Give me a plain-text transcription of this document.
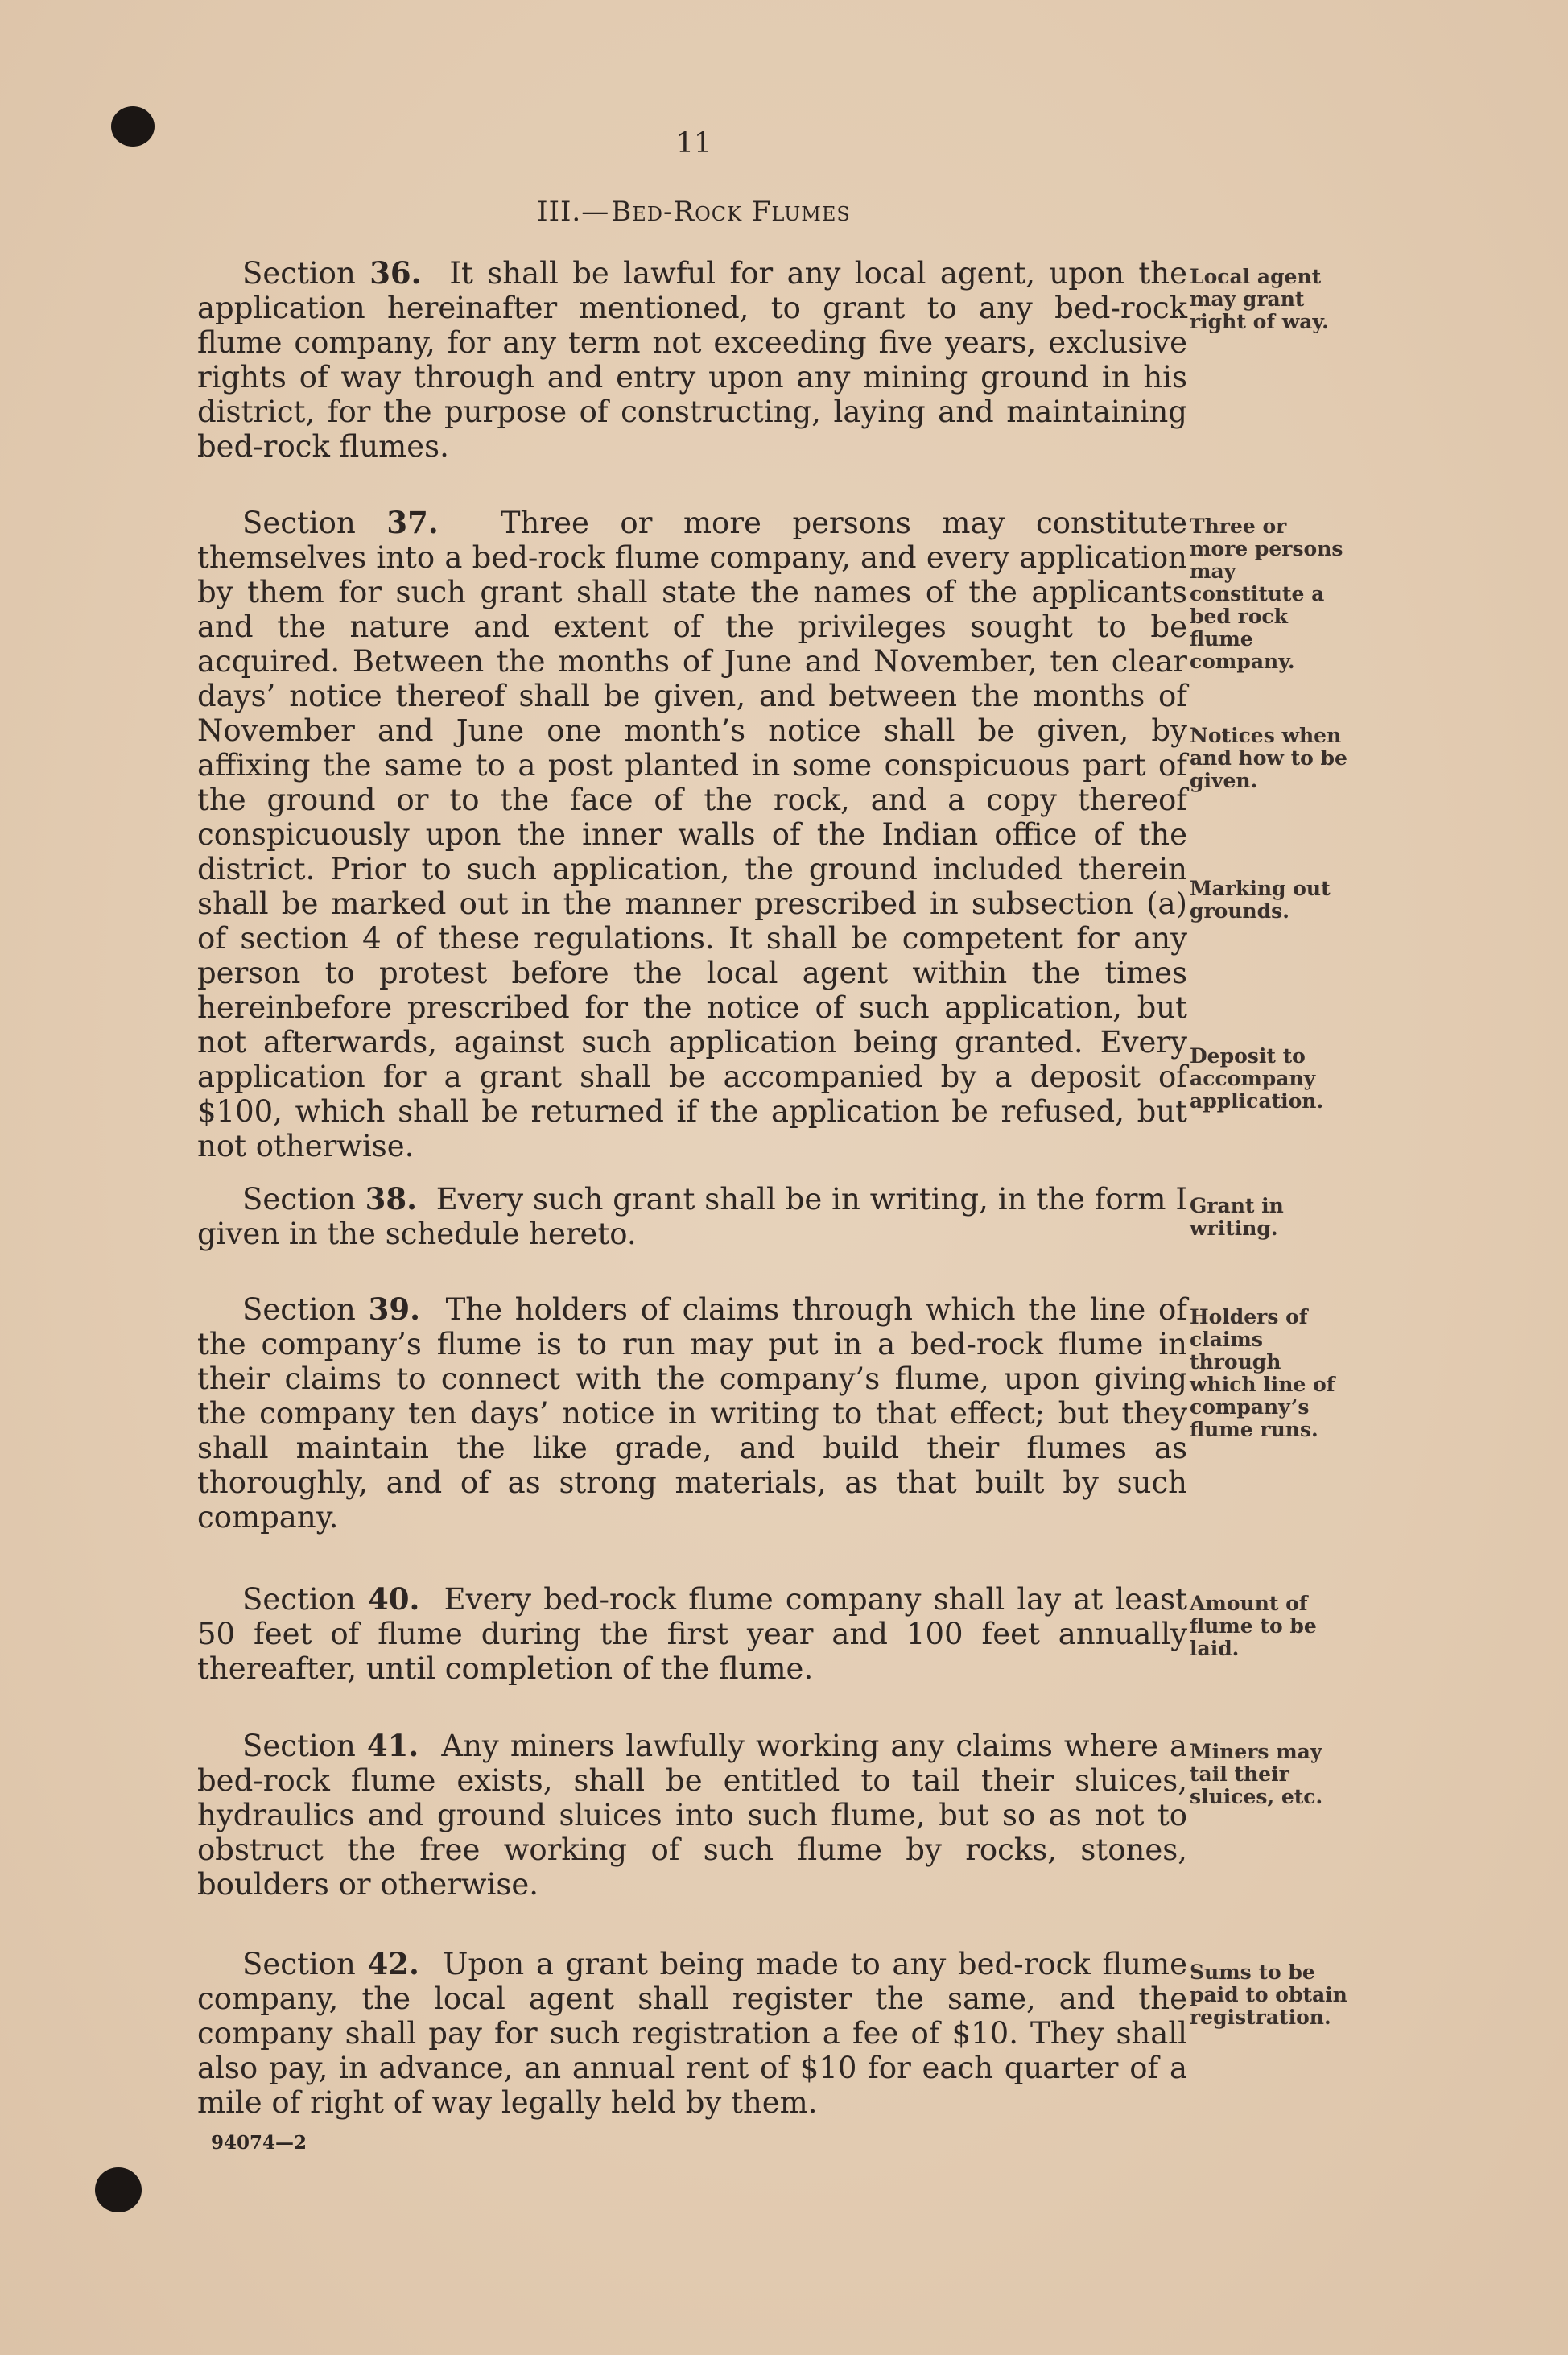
11
III.—Bed-Rock Flumes

Section 36. It shall be lawful for any local agent, upon the application hereinafter mentioned, to grant to any bed-rock flume company, for any term not exceeding five years, exclusive rights of way through and entry upon any mining ground in his district, for the purpose of constructing, laying and maintaining bed-rock flumes.

Local agent may grant right of way.

Section 37. Three or more persons may constitute themselves into a bed-rock flume company, and every application by them for such grant shall state the names of the applicants and the nature and extent of the privileges sought to be acquired. Between the months of June and November, ten clear days’ notice thereof shall be given, and between the months of November and June one month’s notice shall be given, by affixing the same to a post planted in some conspicuous part of the ground or to the face of the rock, and a copy thereof conspicuously upon the inner walls of the Indian office of the district. Prior to such application, the ground included therein shall be marked out in the manner prescribed in subsection (a) of section 4 of these regulations. It shall be competent for any person to protest before the local agent within the times hereinbefore prescribed for the notice of such application, but not afterwards, against such application being granted. Every application for a grant shall be accompanied by a deposit of $100, which shall be returned if the application be refused, but not otherwise.

Three or more persons may constitute a bed rock flume company.
Notices when and how to be given.
Marking out grounds.
Deposit to accompany application.

Section 38. Every such grant shall be in writing, in the form I given in the schedule hereto.

Grant in writing.

Section 39. The holders of claims through which the line of the company’s flume is to run may put in a bed-rock flume in their claims to connect with the company’s flume, upon giving the company ten days’ notice in writing to that effect; but they shall maintain the like grade, and build their flumes as thoroughly, and of as strong materials, as that built by such company.

Holders of claims through which line of company’s flume runs.

Section 40. Every bed-rock flume company shall lay at least 50 feet of flume during the first year and 100 feet annually thereafter, until completion of the flume.

Amount of flume to be laid.

Section 41. Any miners lawfully working any claims where a bed-rock flume exists, shall be entitled to tail their sluices, hydraulics and ground sluices into such flume, but so as not to obstruct the free working of such flume by rocks, stones, boulders or otherwise.

Miners may tail their sluices, etc.

Section 42. Upon a grant being made to any bed-rock flume company, the local agent shall register the same, and the company shall pay for such registration a fee of $10. They shall also pay, in advance, an annual rent of $10 for each quarter of a mile of right of way legally held by them.

Sums to be paid to obtain registration.
94074—2
